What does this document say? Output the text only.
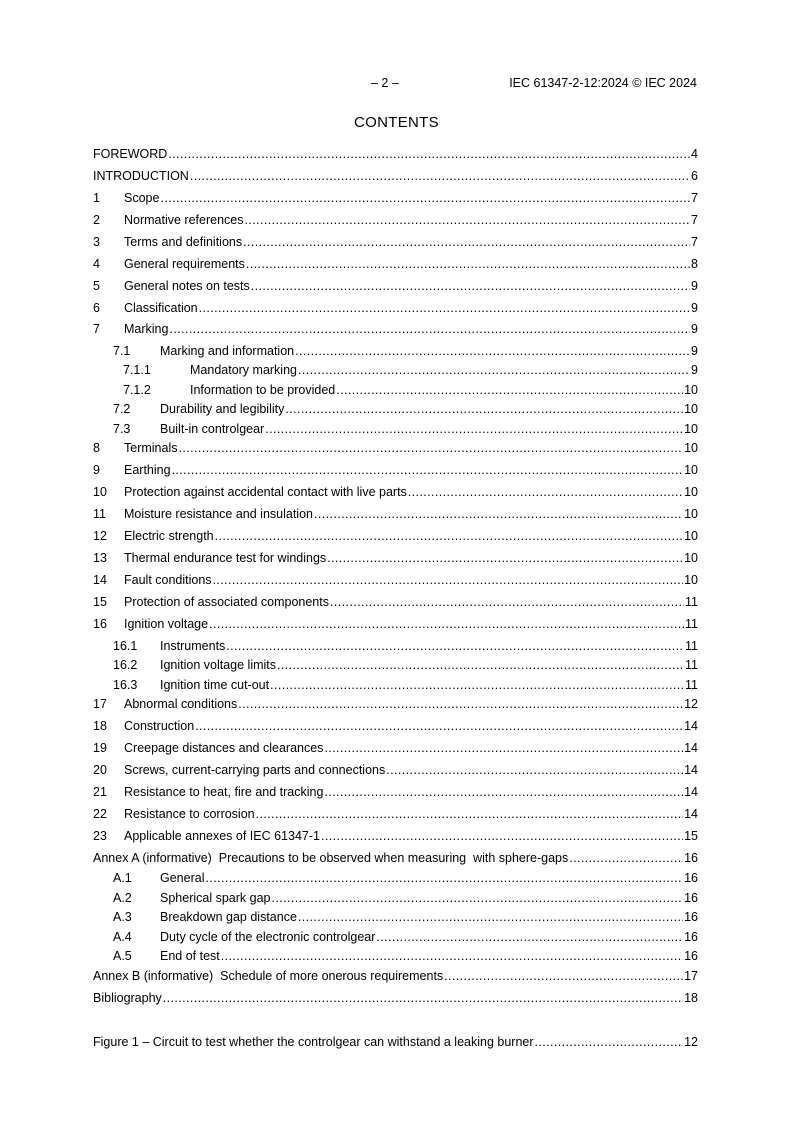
– 2 –	IEC 61347-2-12:2024 © IEC 2024
CONTENTS
FOREWORD .....	4
INTRODUCTION .....	6
1	Scope .....	7
2	Normative references .....	7
3	Terms and definitions .....	7
4	General requirements .....	8
5	General notes on tests .....	9
6	Classification .....	9
7	Marking .....	9
7.1	Marking and information .....	9
7.1.1	Mandatory marking .....	9
7.1.2	Information to be provided .....	10
7.2	Durability and legibility .....	10
7.3	Built-in controlgear .....	10
8	Terminals .....	10
9	Earthing .....	10
10	Protection against accidental contact with live parts .....	10
11	Moisture resistance and insulation .....	10
12	Electric strength .....	10
13	Thermal endurance test for windings .....	10
14	Fault conditions .....	10
15	Protection of associated components .....	11
16	Ignition voltage .....	11
16.1	Instruments .....	11
16.2	Ignition voltage limits .....	11
16.3	Ignition time cut-out .....	11
17	Abnormal conditions .....	12
18	Construction .....	14
19	Creepage distances and clearances .....	14
20	Screws, current-carrying parts and connections .....	14
21	Resistance to heat, fire and tracking .....	14
22	Resistance to corrosion .....	14
23	Applicable annexes of IEC 61347-1 .....	15
Annex A (informative)  Precautions to be observed when measuring  with sphere-gaps .....	16
A.1	General .....	16
A.2	Spherical spark gap .....	16
A.3	Breakdown gap distance .....	16
A.4	Duty cycle of the electronic controlgear .....	16
A.5	End of test .....	16
Annex B (informative)  Schedule of more onerous requirements .....	17
Bibliography .....	18
Figure 1 – Circuit to test whether the controlgear can withstand a leaking burner .....	12
